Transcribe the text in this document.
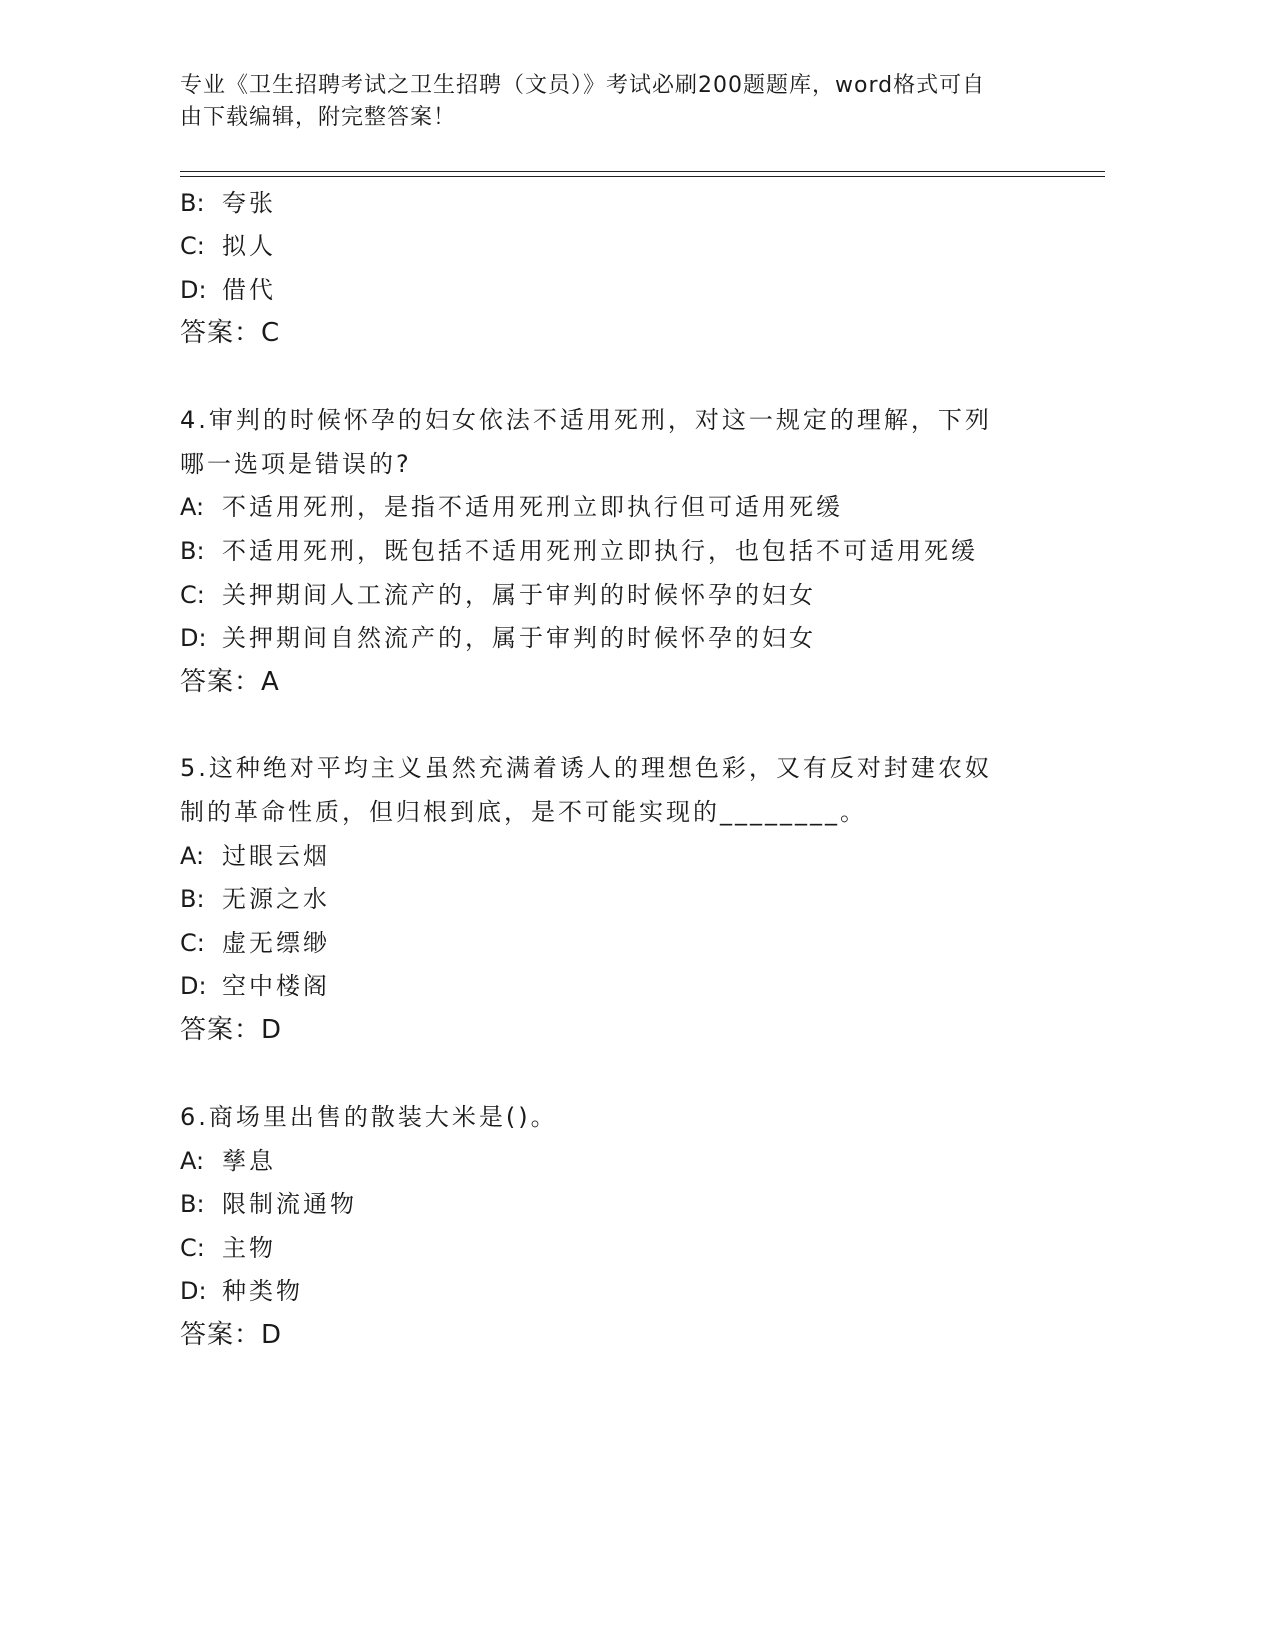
专业《卫生招聘考试之卫生招聘（文员）》考试必刷200题题库，word格式可自
由下载编辑，附完整答案！
B: 夸张
C: 拟人
D: 借代
答案：C
4.审判的时候怀孕的妇女依法不适用死刑，对这一规定的理解，下列
哪一选项是错误的?
A: 不适用死刑，是指不适用死刑立即执行但可适用死缓
B: 不适用死刑，既包括不适用死刑立即执行，也包括不可适用死缓
C: 关押期间人工流产的，属于审判的时候怀孕的妇女
D: 关押期间自然流产的，属于审判的时候怀孕的妇女
答案：A
5.这种绝对平均主义虽然充满着诱人的理想色彩，又有反对封建农奴
制的革命性质，但归根到底，是不可能实现的________。
A: 过眼云烟
B: 无源之水
C: 虚无缥缈
D: 空中楼阁
答案：D
6.商场里出售的散装大米是()。
A: 孳息
B: 限制流通物
C: 主物
D: 种类物
答案：D
